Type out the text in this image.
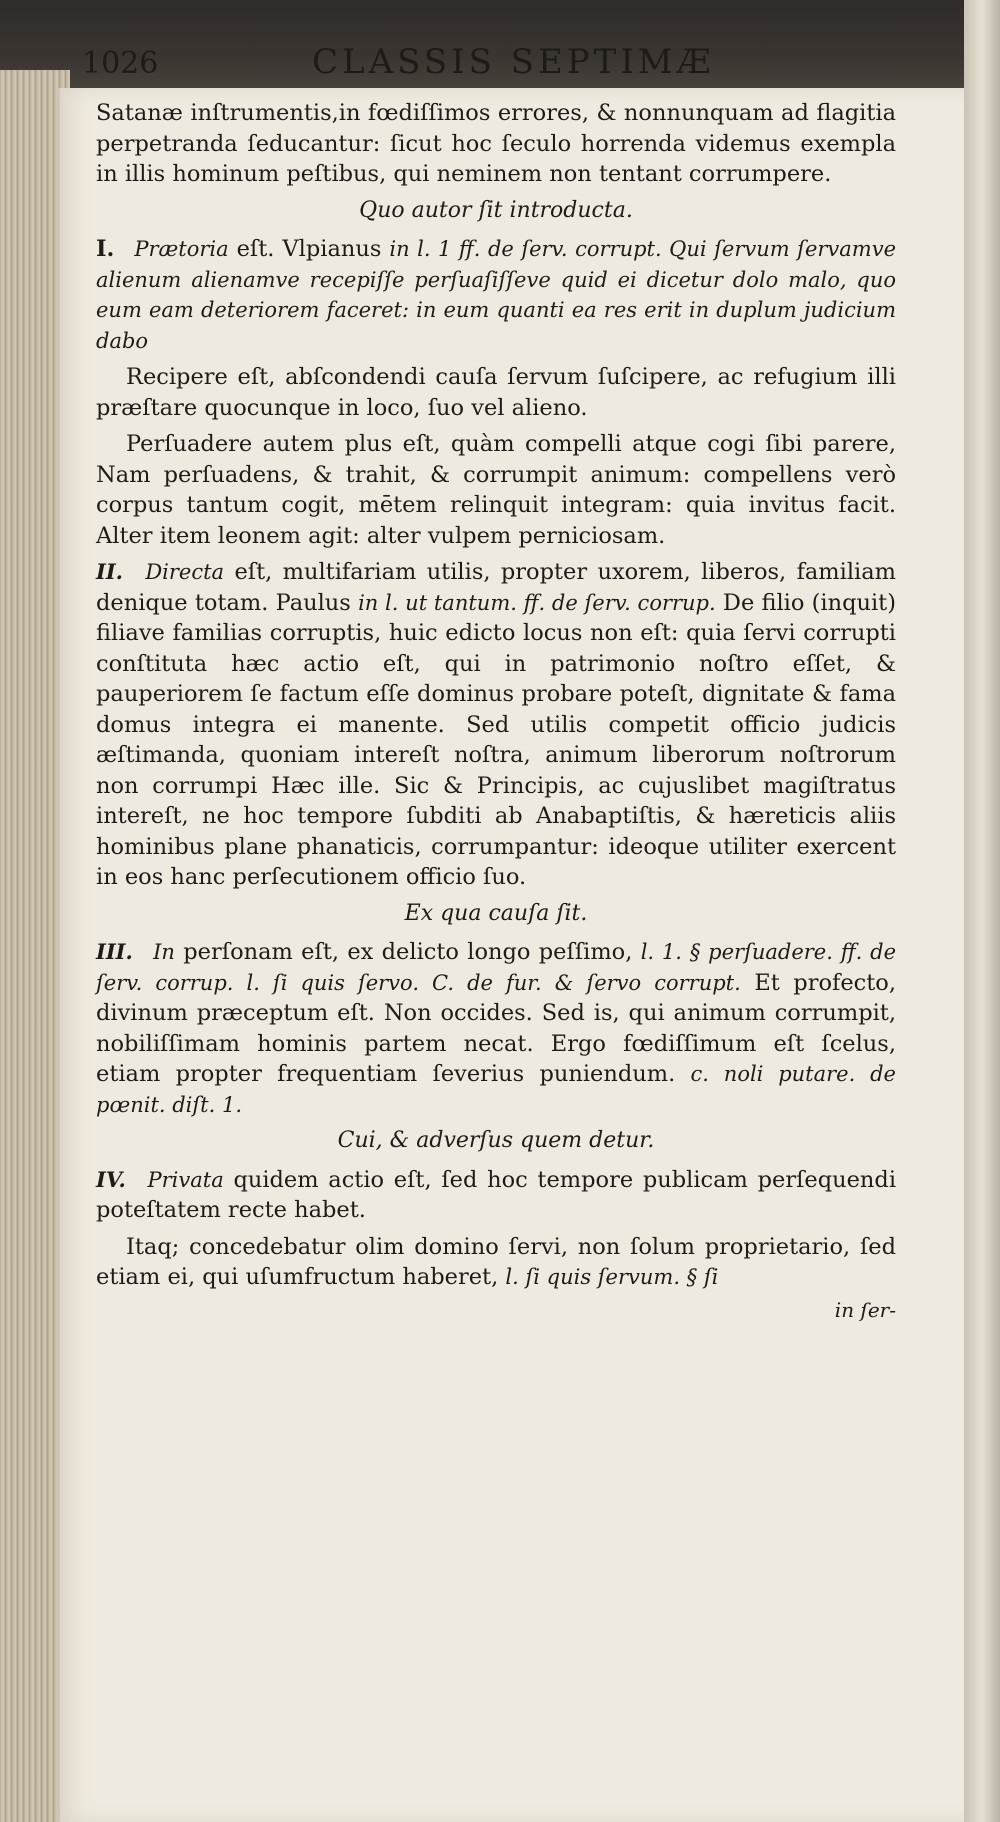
1026	CLASSIS SEPTIMÆ

Satanæ inſtrumentis,in fœdiſſimos errores, & nonnunquam ad flagitia perpetranda ſeducantur: ſicut hoc ſeculo horrenda videmus exempla in illis hominum peſtibus, qui neminem non tentant corrumpere.

Quo autor ſit introducta.

I. Prætoria eſt. Vlpianus in l. 1 ff. de ſerv. corrupt. Qui ſervum ſervamve alienum alienamve recepiſſe perſuaſiſſeve quid ei dicetur dolo malo, quo eum eam deteriorem faceret: in eum quanti ea res erit in duplum judicium dabo

Recipere eſt, abſcondendi cauſa ſervum ſuſcipere, ac refugium illi præſtare quocunque in loco, ſuo vel alieno.

Perſuadere autem plus eſt, quàm compelli atque cogi ſibi parere, Nam perſuadens, & trahit, & corrumpit animum: compellens verò corpus tantum cogit, mētem relinquit integram: quia invitus facit. Alter item leonem agit: alter vulpem perniciosam.

II. Directa eſt, multifariam utilis, propter uxorem, liberos, familiam denique totam. Paulus in l. ut tantum. ff. de ſerv. corrup. De filio (inquit) filiave familias corruptis, huic edicto locus non eſt: quia ſervi corrupti conſtituta hæc actio eſt, qui in patrimonio noſtro eſſet, & pauperiorem ſe factum eſſe dominus probare poteſt, dignitate & fama domus integra ei manente. Sed utilis competit officio judicis æſtimanda, quoniam intereſt noſtra, animum liberorum noſtrorum non corrumpi Hæc ille. Sic & Principis, ac cujuslibet magiſtratus intereſt, ne hoc tempore ſubditi ab Anabaptiſtis, & hæreticis aliis hominibus plane phanaticis, corrumpantur: ideoque utiliter exercent in eos hanc perſecutionem officio ſuo.

Ex qua cauſa ſit.

III. In perſonam eſt, ex delicto longo peſſimo, l. 1. § perſuadere. ff. de ſerv. corrup. l. ſi quis ſervo. C. de fur. & ſervo corrupt. Et profecto, divinum præceptum eſt. Non occides. Sed is, qui animum corrumpit, nobiliſſimam hominis partem necat. Ergo fœdiſſimum eſt ſcelus, etiam propter frequentiam ſeverius puniendum. c. noli putare. de pœnit. diſt. 1.

Cui, & adverſus quem detur.

IV. Privata quidem actio eſt, ſed hoc tempore publicam perſequendi poteſtatem recte habet.

Itaq; concedebatur olim domino ſervi, non ſolum proprietario, ſed etiam ei, qui uſumfructum haberet, l. ſi quis ſervum. § ſi

in ſer-
